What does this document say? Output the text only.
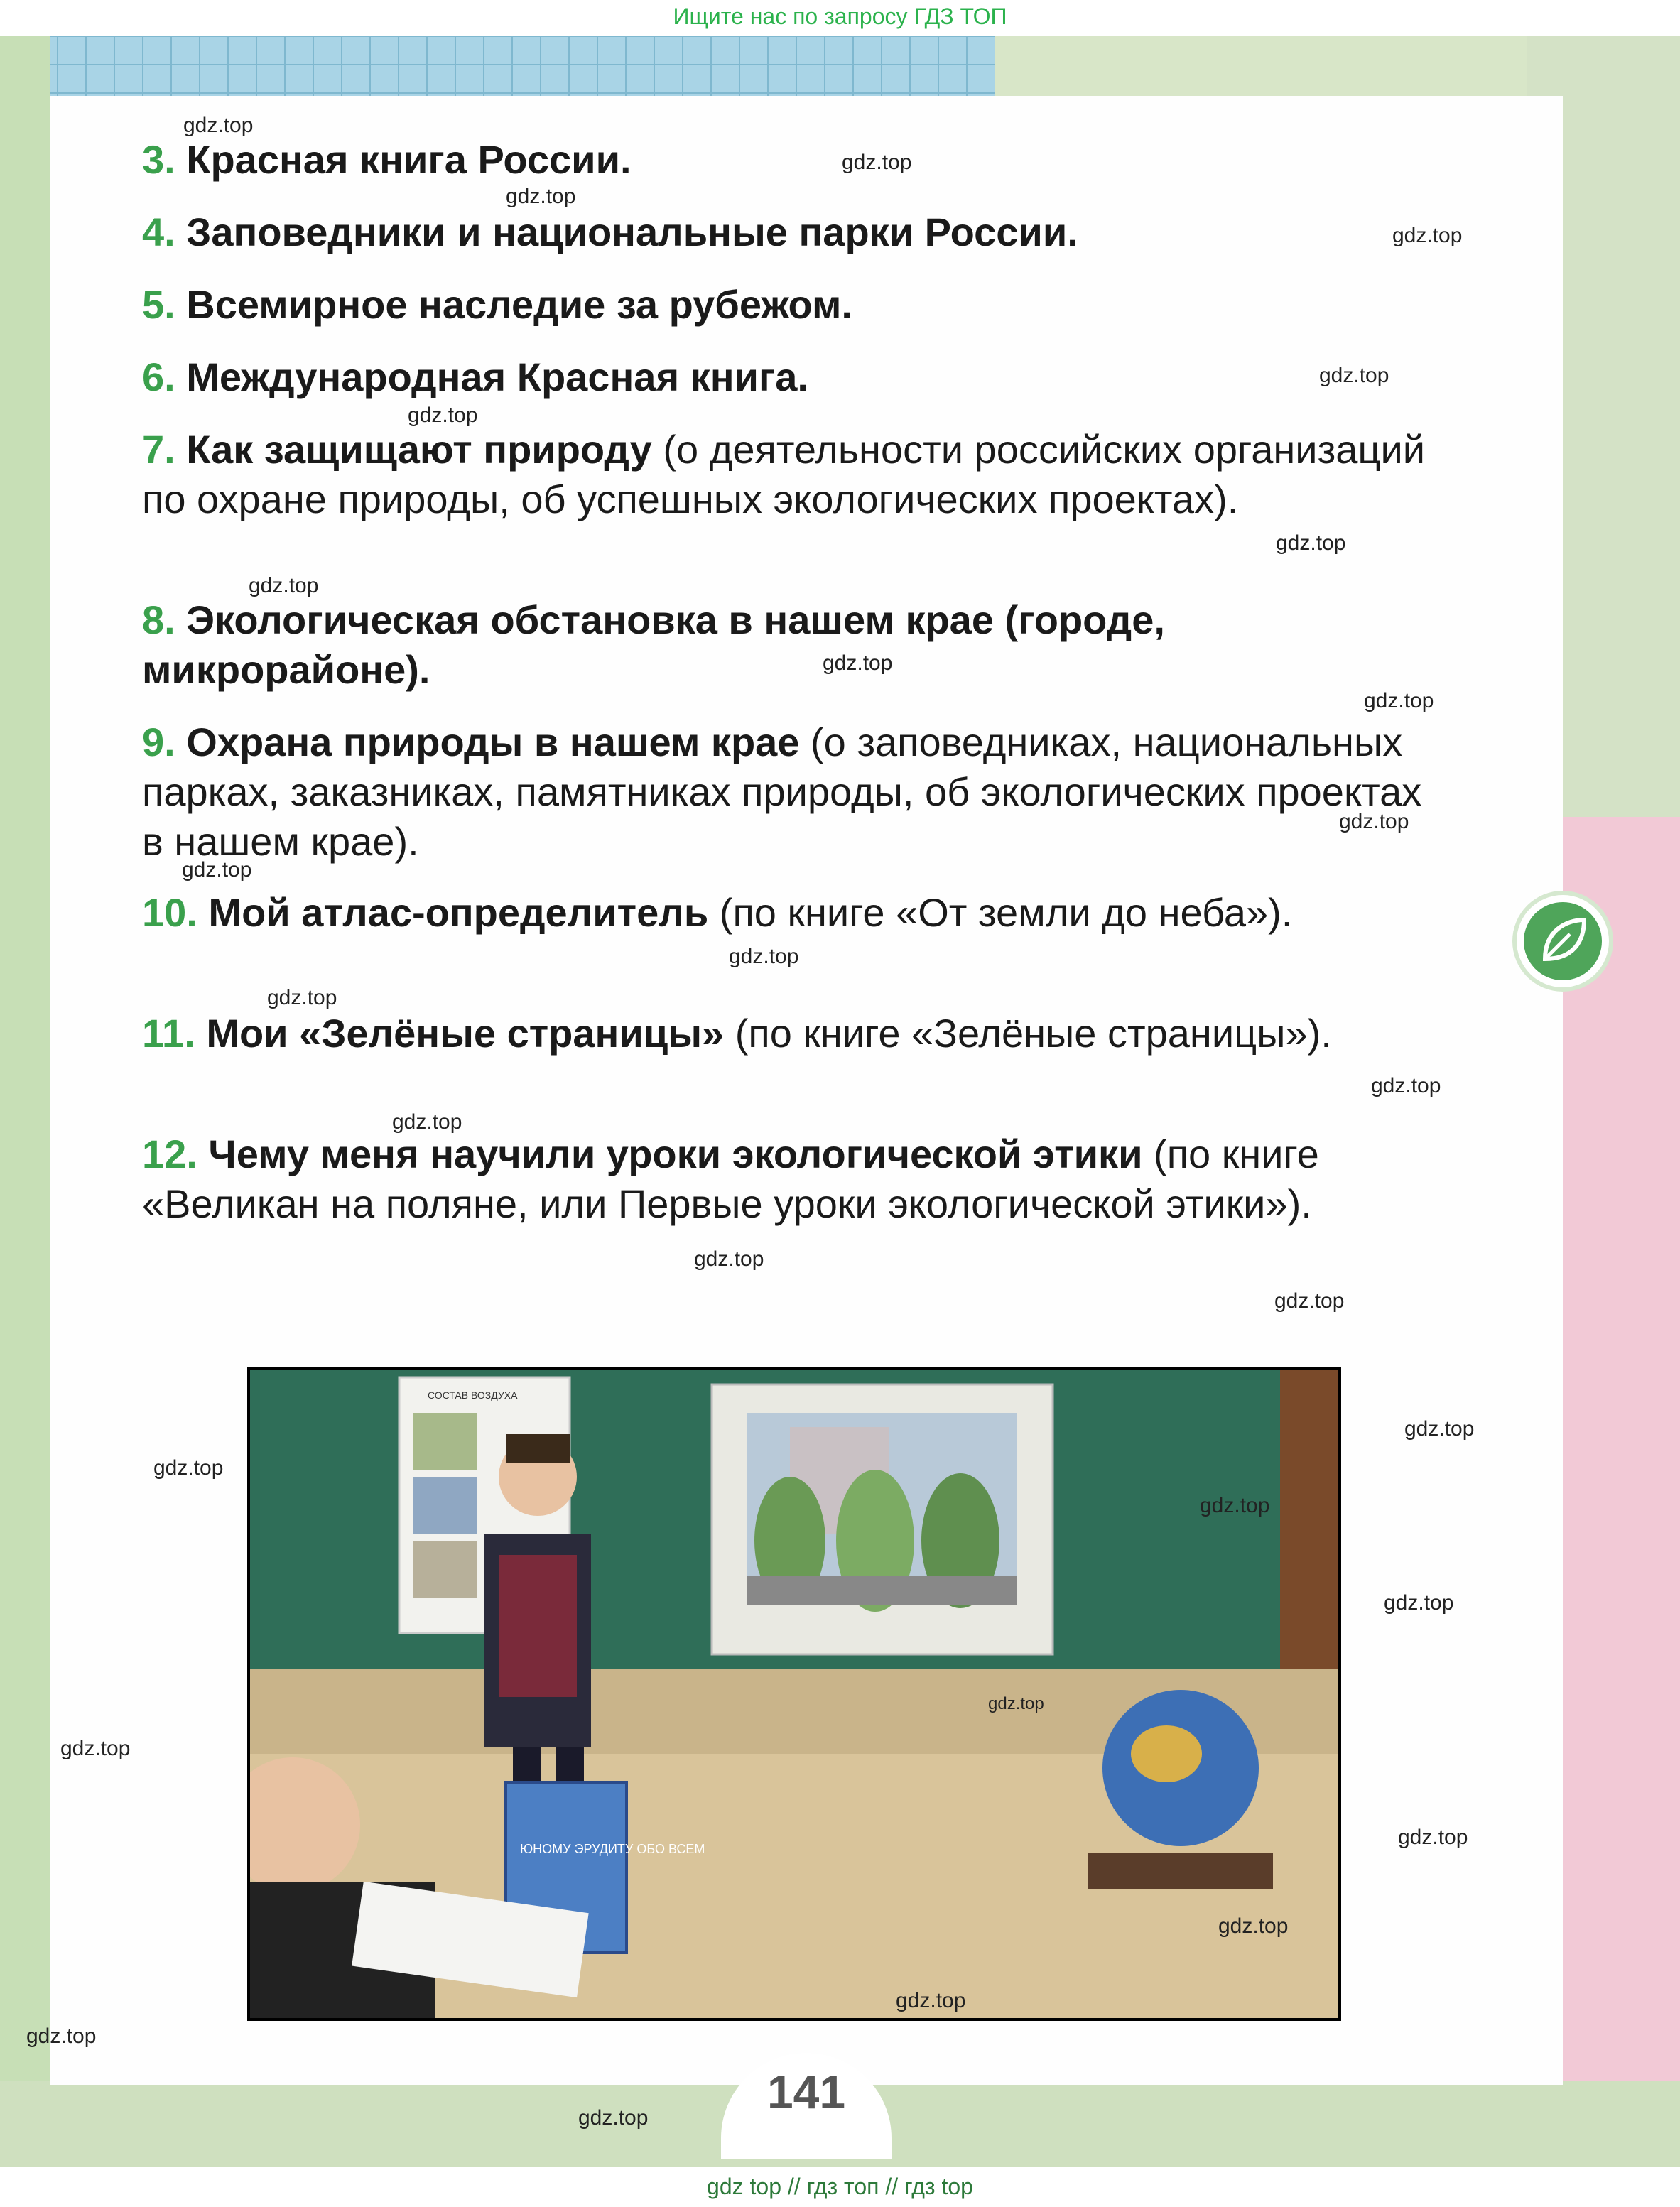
Ищите нас по запросу ГДЗ ТОП
3. Красная книга России.
4. Заповедники и национальные парки России.
5. Всемирное наследие за рубежом.
6. Международная Красная книга.
7. Как защищают природу (о деятельности российских организаций по охране природы, об успешных экологических проектах).
8. Экологическая обстановка в нашем крае (городе, микрорайоне).
9. Охрана природы в нашем крае (о заповедниках, национальных парках, заказниках, памятниках природы, об экологических проектах в нашем крае).
10. Мой атлас-определитель (по книге «От земли до неба»).
11. Мои «Зелёные страницы» (по книге «Зелёные страницы»).
12. Чему меня научили уроки экологической этики (по книге «Великан на поляне, или Первые уроки экологической этики»).
СОСТАВ ВОЗДУХА
ЮНОМУ ЭРУДИТУ ОБО ВСЕМ
141
gdz.top
gdz.top
gdz.top
gdz.top
gdz.top
gdz.top
gdz.top
gdz.top
gdz.top
gdz.top
gdz.top
gdz.top
gdz.top
gdz.top
gdz.top
gdz.top
gdz.top
gdz.top
gdz.top
gdz.top
gdz.top
gdz.top
gdz.top
gdz.top
gdz.top
gdz.top
gdz.top
gdz.top
gdz.top
gdz top // гдз топ // гдз top
